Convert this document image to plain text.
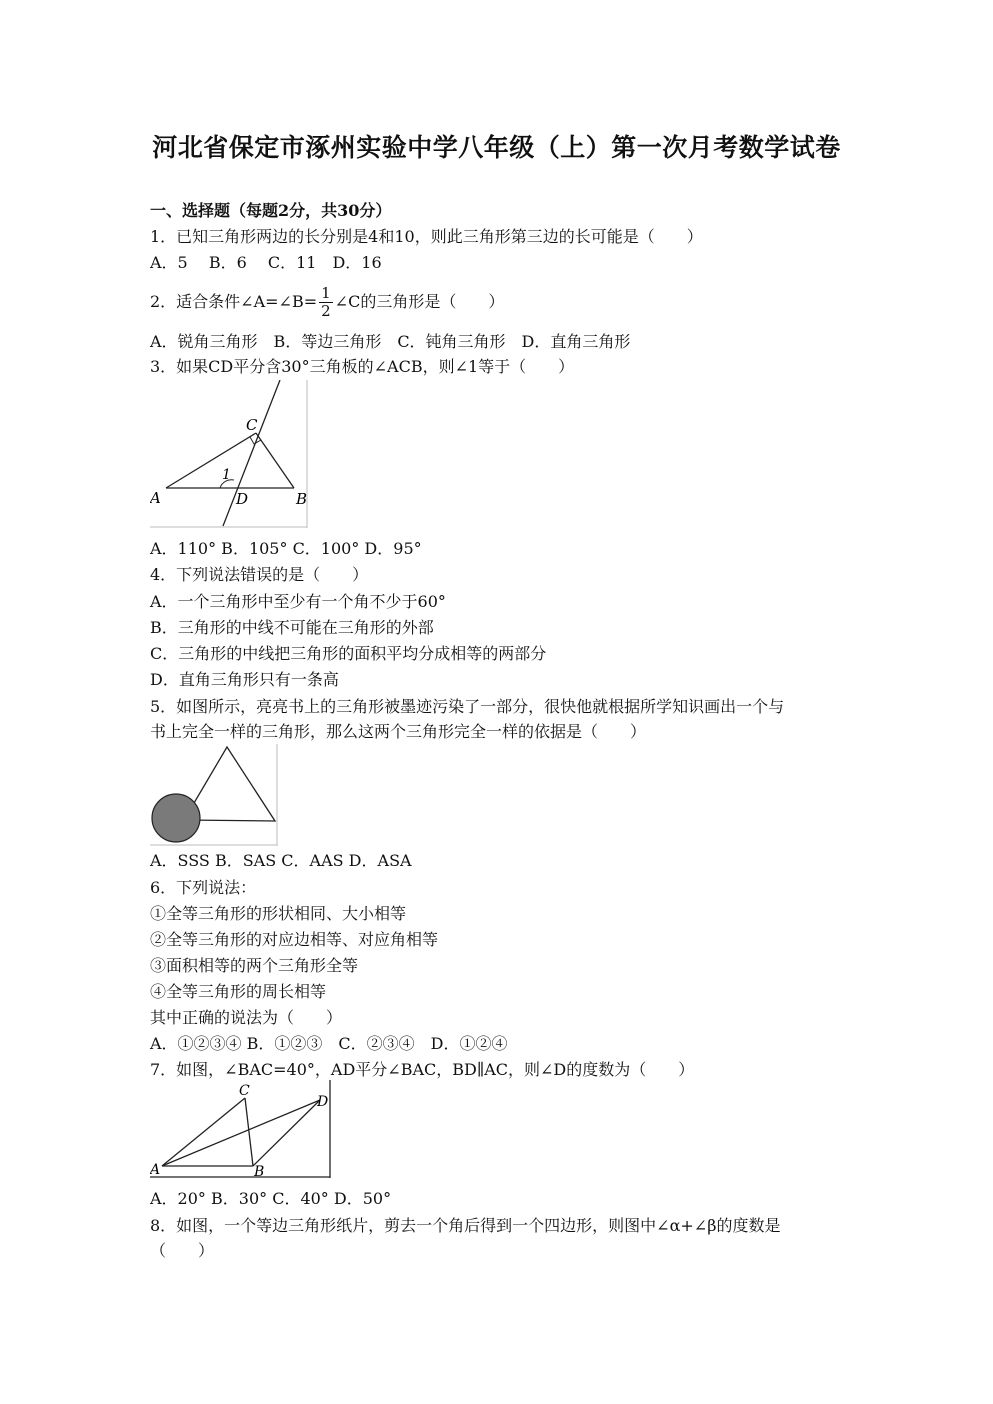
河北省保定市涿州实验中学八年级（上）第一次月考数学试卷
一、选择题（每题2分，共30分）
1．已知三角形两边的长分别是4和10，则此三角形第三边的长可能是（　　）
A．5　 B．6　 C．11　D．16
2．适合条件∠A=∠B= $\frac{1}{2}$ ∠C的三角形是（　　）
A．锐角三角形　B．等边三角形　C．钝角三角形　D．直角三角形
3．如果CD平分含30°三角板的∠ACB，则∠1等于（　　）
A	B
C
D
1
A．110° B．105° C．100° D．95°
4．下列说法错误的是（　　）
A．一个三角形中至少有一个角不少于60°
B．三角形的中线不可能在三角形的外部
C．三角形的中线把三角形的面积平均分成相等的两部分
D．直角三角形只有一条高
5．如图所示，亮亮书上的三角形被墨迹污染了一部分，很快他就根据所学知识画出一个与
书上完全一样的三角形，那么这两个三角形完全一样的依据是（　　）
A．SSS B．SAS C．AAS D．ASA
6．下列说法：
①全等三角形的形状相同、大小相等
②全等三角形的对应边相等、对应角相等
③面积相等的两个三角形全等
④全等三角形的周长相等
其中正确的说法为（　　）
A．①②③④ B．①②③　C．②③④　D．①②④
7．如图，∠BAC=40°，AD平分∠BAC，BD∥AC，则∠D的度数为（　　）
A	B
C
D
A．20° B．30° C．40° D．50°
8．如图，一个等边三角形纸片，剪去一个角后得到一个四边形，则图中∠α+∠β的度数是
（　　）
